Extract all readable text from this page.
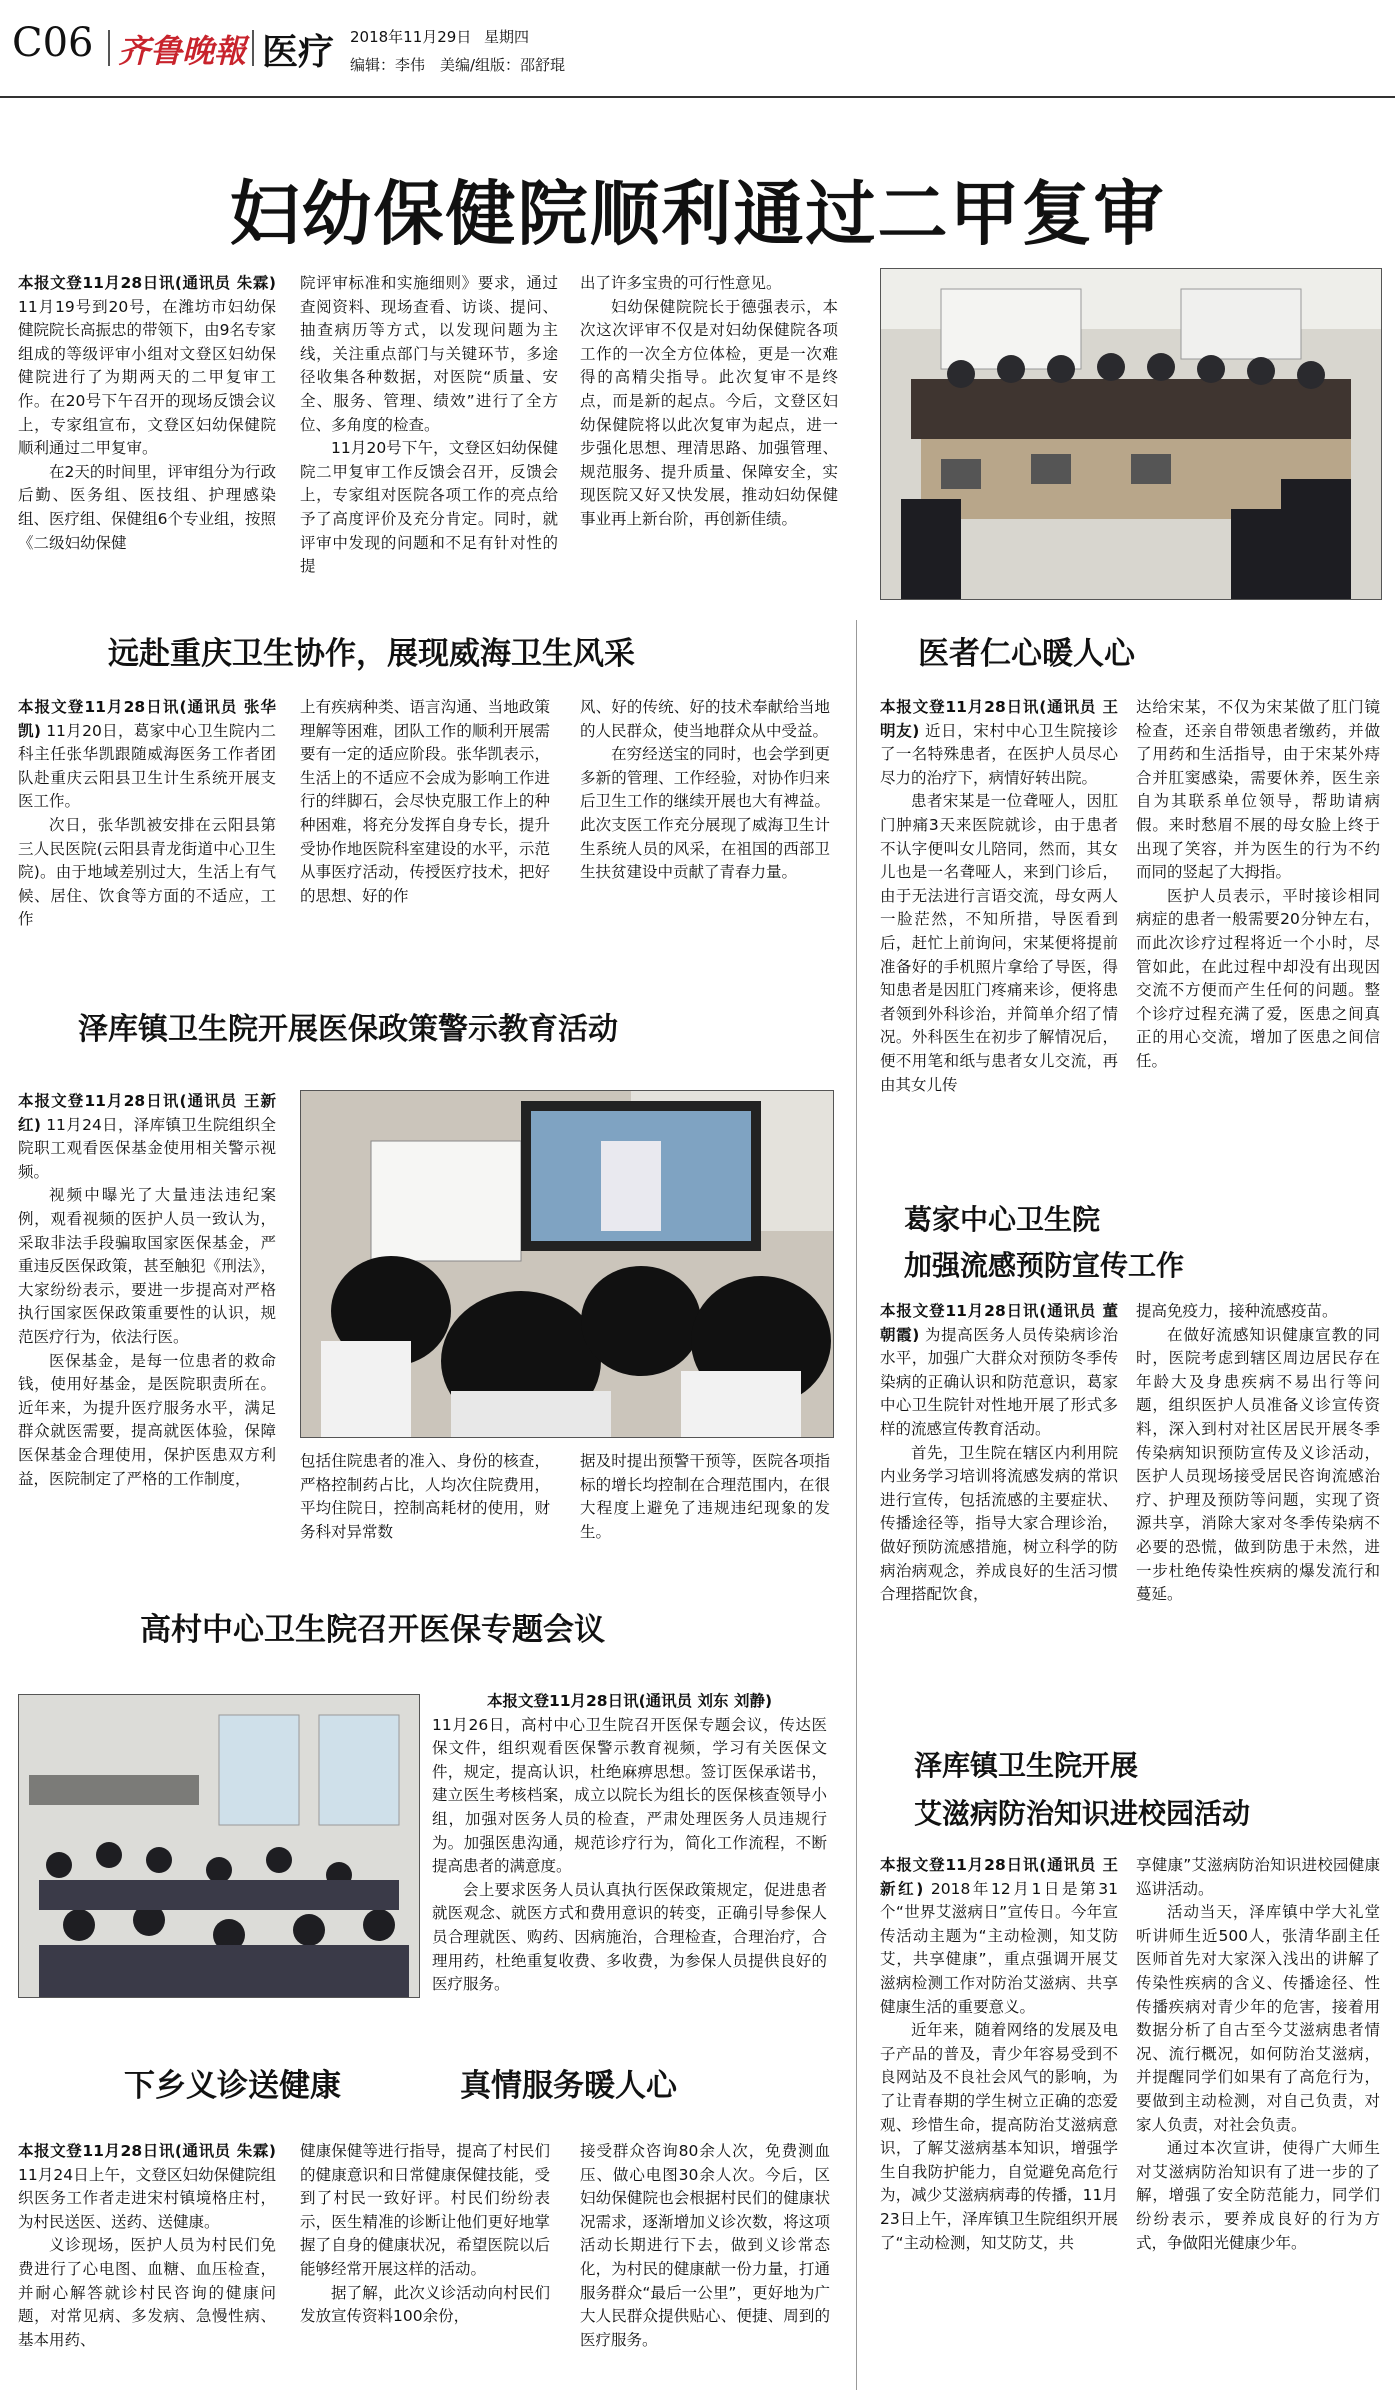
C06 齐鲁晚報 医疗 2018年11月29日 星期四
编辑：李伟　美编/组版：邵舒琨
妇幼保健院顺利通过二甲复审

本报文登11月28日讯(通讯员 朱霖) 11月19号到20号，在潍坊市妇幼保健院院长高振忠的带领下，由9名专家组成的等级评审小组对文登区妇幼保健院进行了为期两天的二甲复审工作。在20号下午召开的现场反馈会议上，专家组宣布，文登区妇幼保健院顺利通过二甲复审。

在2天的时间里，评审组分为行政后勤、医务组、医技组、护理感染组、医疗组、保健组6个专业组，按照《二级妇幼保健

院评审标准和实施细则》要求，通过查阅资料、现场查看、访谈、提问、抽查病历等方式，以发现问题为主线，关注重点部门与关键环节，多途径收集各种数据，对医院“质量、安全、服务、管理、绩效”进行了全方位、多角度的检查。

11月20号下午，文登区妇幼保健院二甲复审工作反馈会召开，反馈会上，专家组对医院各项工作的亮点给予了高度评价及充分肯定。同时，就评审中发现的问题和不足有针对性的提

出了许多宝贵的可行性意见。

妇幼保健院院长于德强表示，本次这次评审不仅是对妇幼保健院各项工作的一次全方位体检，更是一次难得的高精尖指导。此次复审不是终点，而是新的起点。今后，文登区妇幼保健院将以此次复审为起点，进一步强化思想、理清思路、加强管理、规范服务、提升质量、保障安全，实现医院又好又快发展，推动妇幼保健事业再上新台阶，再创新佳绩。

远赴重庆卫生协作，展现威海卫生风采

本报文登11月28日讯(通讯员 张华凯) 11月20日，葛家中心卫生院内二科主任张华凯跟随威海医务工作者团队赴重庆云阳县卫生计生系统开展支医工作。

次日，张华凯被安排在云阳县第三人民医院(云阳县青龙街道中心卫生院)。由于地域差别过大，生活上有气候、居住、饮食等方面的不适应，工作

上有疾病种类、语言沟通、当地政策理解等困难，团队工作的顺利开展需要有一定的适应阶段。张华凯表示，生活上的不适应不会成为影响工作进行的绊脚石，会尽快克服工作上的种种困难，将充分发挥自身专长，提升受协作地医院科室建设的水平，示范从事医疗活动，传授医疗技术，把好的思想、好的作

风、好的传统、好的技术奉献给当地的人民群众，使当地群众从中受益。

在穷经送宝的同时，也会学到更多新的管理、工作经验，对协作归来后卫生工作的继续开展也大有裨益。此次支医工作充分展现了威海卫生计生系统人员的风采，在祖国的西部卫生扶贫建设中贡献了青春力量。

泽库镇卫生院开展医保政策警示教育活动

本报文登11月28日讯(通讯员 王新红) 11月24日，泽库镇卫生院组织全院职工观看医保基金使用相关警示视频。

视频中曝光了大量违法违纪案例，观看视频的医护人员一致认为，采取非法手段骗取国家医保基金，严重违反医保政策，甚至触犯《刑法》，大家纷纷表示，要进一步提高对严格执行国家医保政策重要性的认识，规范医疗行为，依法行医。

医保基金，是每一位患者的救命钱，使用好基金，是医院职责所在。近年来，为提升医疗服务水平，满足群众就医需要，提高就医体验，保障医保基金合理使用，保护医患双方利益，医院制定了严格的工作制度，

包括住院患者的准入、身份的核查，严格控制药占比，人均次住院费用，平均住院日，控制高耗材的使用，财务科对异常数

据及时提出预警干预等，医院各项指标的增长均控制在合理范围内，在很大程度上避免了违规违纪现象的发生。

高村中心卫生院召开医保专题会议

本报文登11月28日讯(通讯员 刘东 刘静)

11月26日，高村中心卫生院召开医保专题会议，传达医保文件，组织观看医保警示教育视频，学习有关医保文件，规定，提高认识，杜绝麻痹思想。签订医保承诺书，建立医生考核档案，成立以院长为组长的医保核查领导小组，加强对医务人员的检查，严肃处理医务人员违规行为。加强医患沟通，规范诊疗行为，简化工作流程，不断提高患者的满意度。

会上要求医务人员认真执行医保政策规定，促进患者就医观念、就医方式和费用意识的转变，正确引导参保人员合理就医、购药、因病施治，合理检查，合理治疗，合理用药，杜绝重复收费、多收费，为参保人员提供良好的医疗服务。

下乡义诊送健康	真情服务暖人心

本报文登11月28日讯(通讯员 朱霖) 11月24日上午，文登区妇幼保健院组织医务工作者走进宋村镇境格庄村，为村民送医、送药、送健康。

义诊现场，医护人员为村民们免费进行了心电图、血糖、血压检查，并耐心解答就诊村民咨询的健康问题，对常见病、多发病、急慢性病、基本用药、

健康保健等进行指导，提高了村民们的健康意识和日常健康保健技能，受到了村民一致好评。村民们纷纷表示，医生精准的诊断让他们更好地掌握了自身的健康状况，希望医院以后能够经常开展这样的活动。

据了解，此次义诊活动向村民们发放宣传资料100余份，

接受群众咨询80余人次，免费测血压、做心电图30余人次。今后，区妇幼保健院也会根据村民们的健康状况需求，逐渐增加义诊次数，将这项活动长期进行下去，做到义诊常态化，为村民的健康献一份力量，打通服务群众“最后一公里”，更好地为广大人民群众提供贴心、便捷、周到的医疗服务。

医者仁心暖人心

本报文登11月28日讯(通讯员 王明友) 近日，宋村中心卫生院接诊了一名特殊患者，在医护人员尽心尽力的治疗下，病情好转出院。

患者宋某是一位聋哑人，因肛门肿痛3天来医院就诊，由于患者不认字便叫女儿陪同，然而，其女儿也是一名聋哑人，来到门诊后，由于无法进行言语交流，母女两人一脸茫然，不知所措，导医看到后，赶忙上前询问，宋某便将提前准备好的手机照片拿给了导医，得知患者是因肛门疼痛来诊，便将患者领到外科诊治，并简单介绍了情况。外科医生在初步了解情况后，便不用笔和纸与患者女儿交流，再由其女儿传

达给宋某，不仅为宋某做了肛门镜检查，还亲自带领患者缴药，并做了用药和生活指导，由于宋某外痔合并肛窦感染，需要休养，医生亲自为其联系单位领导，帮助请病假。来时愁眉不展的母女脸上终于出现了笑容，并为医生的行为不约而同的竖起了大拇指。

医护人员表示，平时接诊相同病症的患者一般需要20分钟左右，而此次诊疗过程将近一个小时，尽管如此，在此过程中却没有出现因交流不方便而产生任何的问题。整个诊疗过程充满了爱，医患之间真正的用心交流，增加了医患之间信任。

葛家中心卫生院
加强流感预防宣传工作

本报文登11月28日讯(通讯员 董朝霞) 为提高医务人员传染病诊治水平，加强广大群众对预防冬季传染病的正确认识和防范意识，葛家中心卫生院针对性地开展了形式多样的流感宣传教育活动。

首先，卫生院在辖区内利用院内业务学习培训将流感发病的常识进行宣传，包括流感的主要症状、传播途径等，指导大家合理诊治，做好预防流感措施，树立科学的防病治病观念，养成良好的生活习惯合理搭配饮食，

提高免疫力，接种流感疫苗。

在做好流感知识健康宣教的同时，医院考虑到辖区周边居民存在年龄大及身患疾病不易出行等问题，组织医护人员准备义诊宣传资料，深入到村对社区居民开展冬季传染病知识预防宣传及义诊活动，医护人员现场接受居民咨询流感治疗、护理及预防等问题，实现了资源共享，消除大家对冬季传染病不必要的恐慌，做到防患于未然，进一步杜绝传染性疾病的爆发流行和蔓延。

泽库镇卫生院开展
艾滋病防治知识进校园活动

本报文登11月28日讯(通讯员 王新红) 2018年12月1日是第31个“世界艾滋病日”宣传日。今年宣传活动主题为“主动检测，知艾防艾，共享健康”，重点强调开展艾滋病检测工作对防治艾滋病、共享健康生活的重要意义。

近年来，随着网络的发展及电子产品的普及，青少年容易受到不良网站及不良社会风气的影响，为了让青春期的学生树立正确的恋爱观、珍惜生命，提高防治艾滋病意识，了解艾滋病基本知识，增强学生自我防护能力，自觉避免高危行为，减少艾滋病病毒的传播，11月23日上午，泽库镇卫生院组织开展了“主动检测，知艾防艾，共

享健康”艾滋病防治知识进校园健康巡讲活动。

活动当天，泽库镇中学大礼堂听讲师生近500人，张清华副主任医师首先对大家深入浅出的讲解了传染性疾病的含义、传播途径、性传播疾病对青少年的危害，接着用数据分析了自古至今艾滋病患者情况、流行概况，如何防治艾滋病，并提醒同学们如果有了高危行为，要做到主动检测，对自己负责，对家人负责，对社会负责。

通过本次宣讲，使得广大师生对艾滋病防治知识有了进一步的了解，增强了安全防范能力，同学们纷纷表示，要养成良好的行为方式，争做阳光健康少年。
